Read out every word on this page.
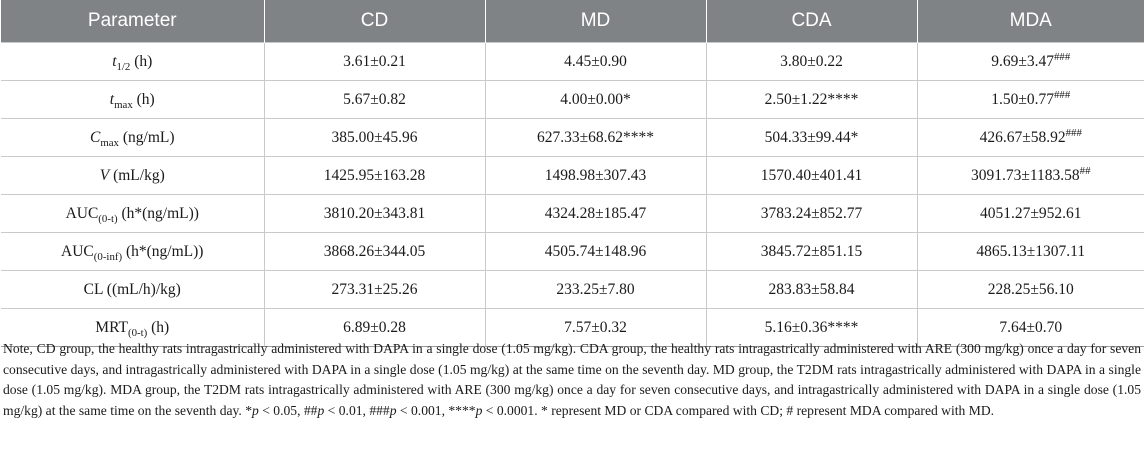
Parameter	CD	MD	CDA	MDA
$t_{1/2}$ (h)	3.61±0.21	4.45±0.90	3.80±0.22	9.69±3.47###
$t_{max}$ (h)	5.67±0.82	4.00±0.00*	2.50±1.22****	1.50±0.77###
$C_{max}$ (ng/mL)	385.00±45.96	627.33±68.62****	504.33±99.44*	426.67±58.92###
V (mL/kg)	1425.95±163.28	1498.98±307.43	1570.40±401.41	3091.73±1183.58##
$AUC_{(0-t)}$ (h*(ng/mL))	3810.20±343.81	4324.28±185.47	3783.24±852.77	4051.27±952.61
$AUC_{(0-inf)}$ (h*(ng/mL))	3868.26±344.05	4505.74±148.96	3845.72±851.15	4865.13±1307.11
CL ((mL/h)/kg)	273.31±25.26	233.25±7.80	283.83±58.84	228.25±56.10
$MRT_{(0-t)}$ (h)	6.89±0.28	7.57±0.32	5.16±0.36****	7.64±0.70

Note, CD group, the healthy rats intragastrically administered with DAPA in a single dose (1.05 mg/kg). CDA group, the healthy rats intragastrically administered with ARE (300 mg/kg) once a day for seven consecutive days, and intragastrically administered with DAPA in a single dose (1.05 mg/kg) at the same time on the seventh day. MD group, the T2DM rats intragastrically administered with DAPA in a single dose (1.05 mg/kg). MDA group, the T2DM rats intragastrically administered with ARE (300 mg/kg) once a day for seven consecutive days, and intragastrically administered with DAPA in a single dose (1.05 mg/kg) at the same time on the seventh day. *p < 0.05, ##p < 0.01, ###p < 0.001, ****p < 0.0001. * represent MD or CDA compared with CD; # represent MDA compared with MD.
